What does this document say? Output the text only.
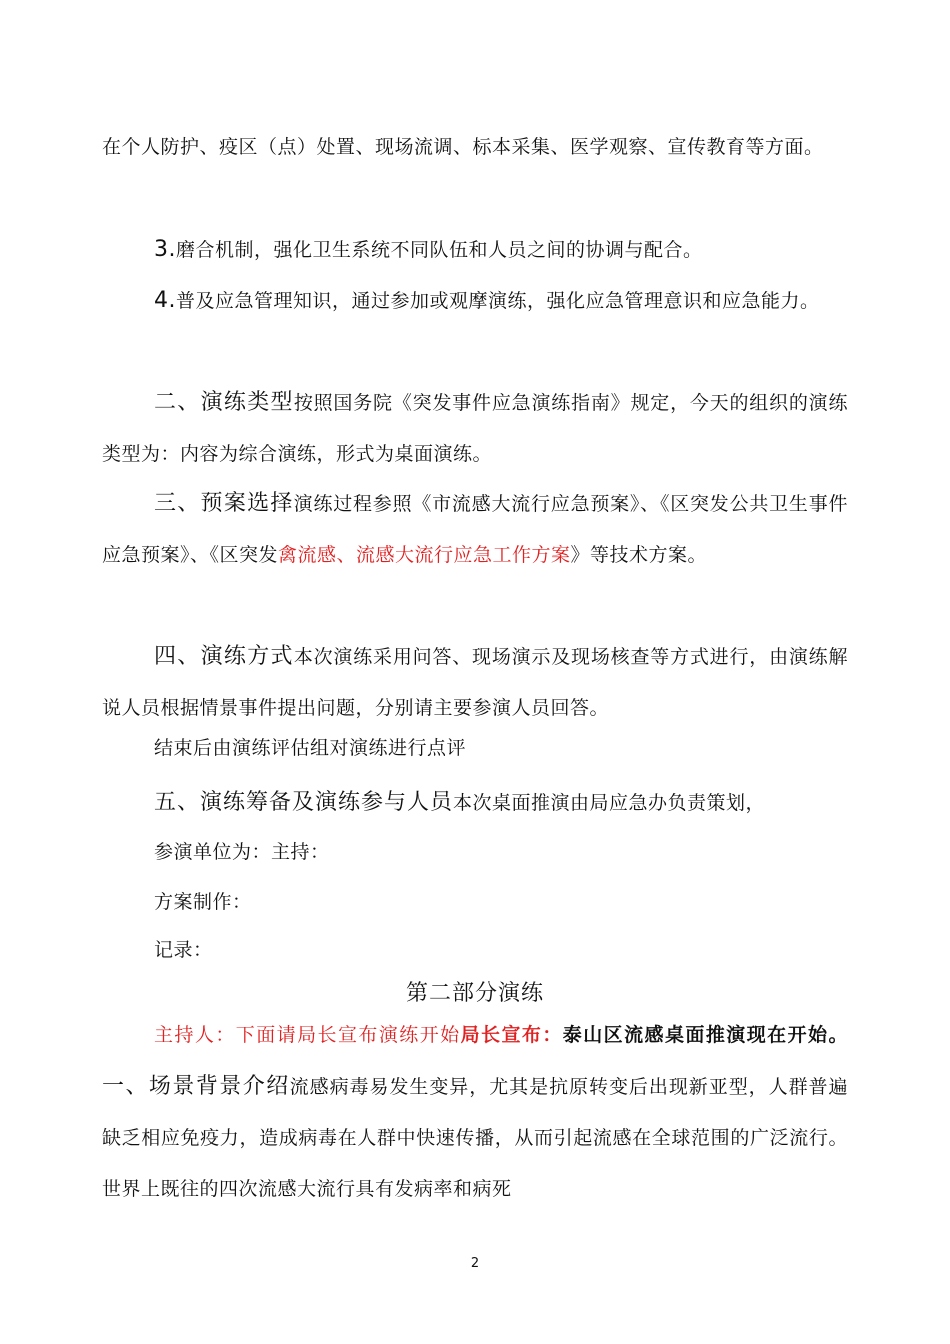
在个人防护、疫区（点）处置、现场流调、标本采集、医学观察、宣传教育等方面。

3.磨合机制，强化卫生系统不同队伍和人员之间的协调与配合。

4.普及应急管理知识，通过参加或观摩演练，强化应急管理意识和应急能力。

二、演练类型按照国务院《突发事件应急演练指南》规定，今天的组织的演练类型为：内容为综合演练，形式为桌面演练。

三、预案选择演练过程参照《市流感大流行应急预案》、《区突发公共卫生事件应急预案》、《区突发禽流感、流感大流行应急工作方案》等技术方案。

四、演练方式本次演练采用问答、现场演示及现场核查等方式进行，由演练解说人员根据情景事件提出问题，分别请主要参演人员回答。

结束后由演练评估组对演练进行点评

五、演练筹备及演练参与人员本次桌面推演由局应急办负责策划，

参演单位为：主持：

方案制作：

记录：

第二部分演练

主持人：下面请局长宣布演练开始局长宣布：泰山区流感桌面推演现在开始。一、场景背景介绍流感病毒易发生变异，尤其是抗原转变后出现新亚型，人群普遍缺乏相应免疫力，造成病毒在人群中快速传播，从而引起流感在全球范围的广泛流行。世界上既往的四次流感大流行具有发病率和病死

2
